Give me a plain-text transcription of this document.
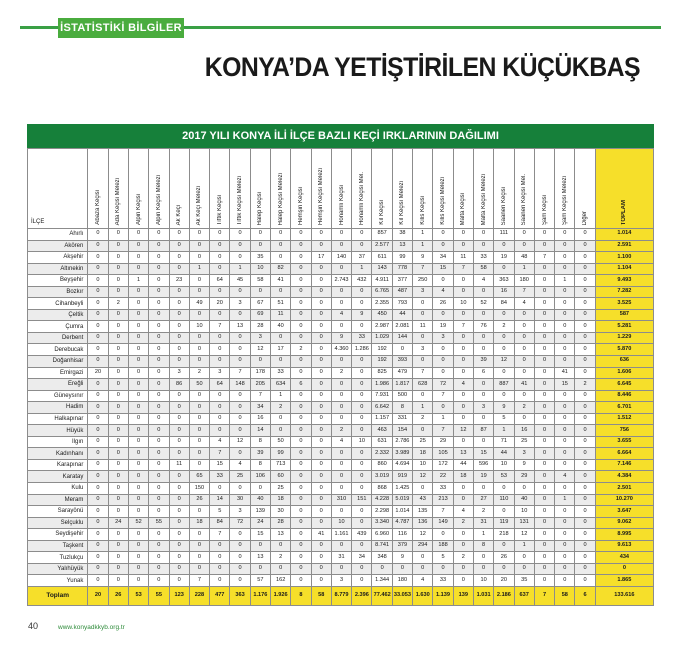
İSTATİSTİKİ BİLGİLER
KONYA’DA YETİŞTİRİLEN KÜÇÜKBAŞ
2017 YILI KONYA İLİ İLÇE BAZLI KEÇİ IRKLARININ DAĞILIMI
İLÇE	Abaza Keçisi	Ada Keçisi Melezi	Alpin Keçisi	Alpin Keçisi Melezi	Ak Keçi	Ak Keçi Melezi	Tiftik Keçisi	Tiftik Keçisi Melezi	Halep Keçisi	Halep Keçisi Melezi	Hemşin Keçisi	Hemşin Keçisi Melezi	Honamlı Keçisi	Honamlı Keçisi Mel.	Kıl Keçisi	Kıl Keçisi Melezi	Kilis Keçisi	Kilis Keçisi Melezi	Malta Keçisi	Malta Keçisi Melezi	Saanen Keçisi	Saanen Keçisi Mel.	Şam Keçisi	Şam Keçisi Melezi	Diğer	TOPLAM

Ahırlı	0	0	0	0	0	0	0	0	0	0	0	0	0	0	857	38	1	0	0	0	111	0	0	0	0	1.014
Akören	0	0	0	0	0	0	0	0	0	0	0	0	0	0	2.577	13	1	0	0	0	0	0	0	0	0	2.591
Akşehir	0	0	0	0	0	0	0	0	35	0	0	17	140	37	611	99	9	34	11	33	19	48	7	0	0	1.100
Altınekin	0	0	0	0	0	1	0	1	10	82	0	0	0	1	143	778	7	15	7	58	0	1	0	0	0	1.104
Beyşehir	0	0	1	0	23	0	64	45	58	41	0	0	2.743	432	4.911	377	250	0	0	4	363	180	0	1	0	9.493
Bozkır	0	0	0	0	0	0	0	0	0	0	0	0	0	0	6.765	487	3	4	0	0	16	7	0	0	0	7.282
Cihanbeyli	0	2	0	0	0	49	20	3	67	51	0	0	0	0	2.355	793	0	26	10	52	84	4	0	0	0	3.525
Çeltik	0	0	0	0	0	0	0	0	69	11	0	0	4	9	450	44	0	0	0	0	0	0	0	0	0	587
Çumra	0	0	0	0	0	10	7	13	28	40	0	0	0	0	2.987	2.081	11	19	7	76	2	0	0	0	0	5.281
Derbent	0	0	0	0	0	0	0	0	3	0	0	0	9	33	1.029	144	0	3	0	0	0	0	0	0	0	1.229
Derebucak	0	0	0	0	0	0	0	0	12	17	2	0	4.360	1.286	192	0	3	0	0	0	0	0	0	0	0	5.870
Doğanhisar	0	0	0	0	0	0	0	0	0	0	0	0	0	0	192	393	0	0	0	39	12	0	0	0	0	636
Emirgazi	20	0	0	0	3	2	3	7	178	33	0	0	2	0	825	479	7	0	0	6	0	0	0	41	0	1.606
Ereğli	0	0	0	0	86	50	64	148	205	634	6	0	0	0	1.986	1.817	628	72	4	0	887	41	0	15	2	6.645
Güneysınır	0	0	0	0	0	0	0	0	7	1	0	0	0	0	7.931	500	0	7	0	0	0	0	0	0	0	8.446
Hadim	0	0	0	0	0	0	0	0	34	2	0	0	0	0	6.642	8	1	0	0	3	9	2	0	0	0	6.701
Halkapınar	0	0	0	0	0	0	0	0	16	0	0	0	0	0	1.157	331	2	1	0	0	5	0	0	0	0	1.512
Hüyük	0	0	0	0	0	0	0	0	14	0	0	0	2	0	463	154	0	7	12	87	1	16	0	0	0	756
Ilgın	0	0	0	0	0	0	4	12	8	50	0	0	4	10	631	2.786	25	29	0	0	71	25	0	0	0	3.655
Kadınhanı	0	0	0	0	0	0	7	0	39	99	0	0	0	0	2.332	3.989	18	105	13	15	44	3	0	0	0	6.664
Karapınar	0	0	0	0	11	0	15	4	8	713	0	0	0	0	860	4.694	10	172	44	596	10	9	0	0	0	7.146
Karatay	0	0	0	0	0	65	33	25	106	60	0	0	0	0	3.019	919	12	22	18	19	53	29	0	4	0	4.384
Kulu	0	0	0	0	0	150	0	0	0	25	0	0	0	0	868	1.425	0	33	0	0	0	0	0	0	0	2.501
Meram	0	0	0	0	0	26	14	30	40	18	0	0	310	151	4.228	5.019	43	213	0	27	110	40	0	1	0	10.270
Sarayönü	0	0	0	0	0	0	5	3	139	30	0	0	0	0	2.298	1.014	135	7	4	2	0	10	0	0	0	3.647
Selçuklu	0	24	52	55	0	18	84	72	24	28	0	0	10	0	3.340	4.787	136	149	2	31	119	131	0	0	0	9.062
Seydişehir	0	0	0	0	0	0	7	0	15	13	0	41	1.161	439	6.960	116	12	0	0	1	218	12	0	0	0	8.995
Taşkent	0	0	0	0	0	0	0	0	0	0	0	0	0	0	8.741	379	294	188	0	8	0	1	0	0	0	9.613
Tuzlukçu	0	0	0	0	0	0	0	0	13	2	0	0	31	34	348	9	0	5	2	0	26	0	0	0	0	434
Yalıhüyük	0	0	0	0	0	0	0	0	0	0	0	0	0	0	0	0	0	0	0	0	0	0	0	0	0	0
Yunak	0	0	0	0	0	7	0	0	57	162	0	0	3	0	1.344	180	4	33	0	10	20	35	0	0	0	1.865
Toplam	20	26	53	55	123	228	477	363	1.176	1.926	8	58	8.779	2.396	77.462	33.053	1.630	1.139	139	1.031	2.186	637	7	58	6	133.616
40	www.konyadkkyb.org.tr
